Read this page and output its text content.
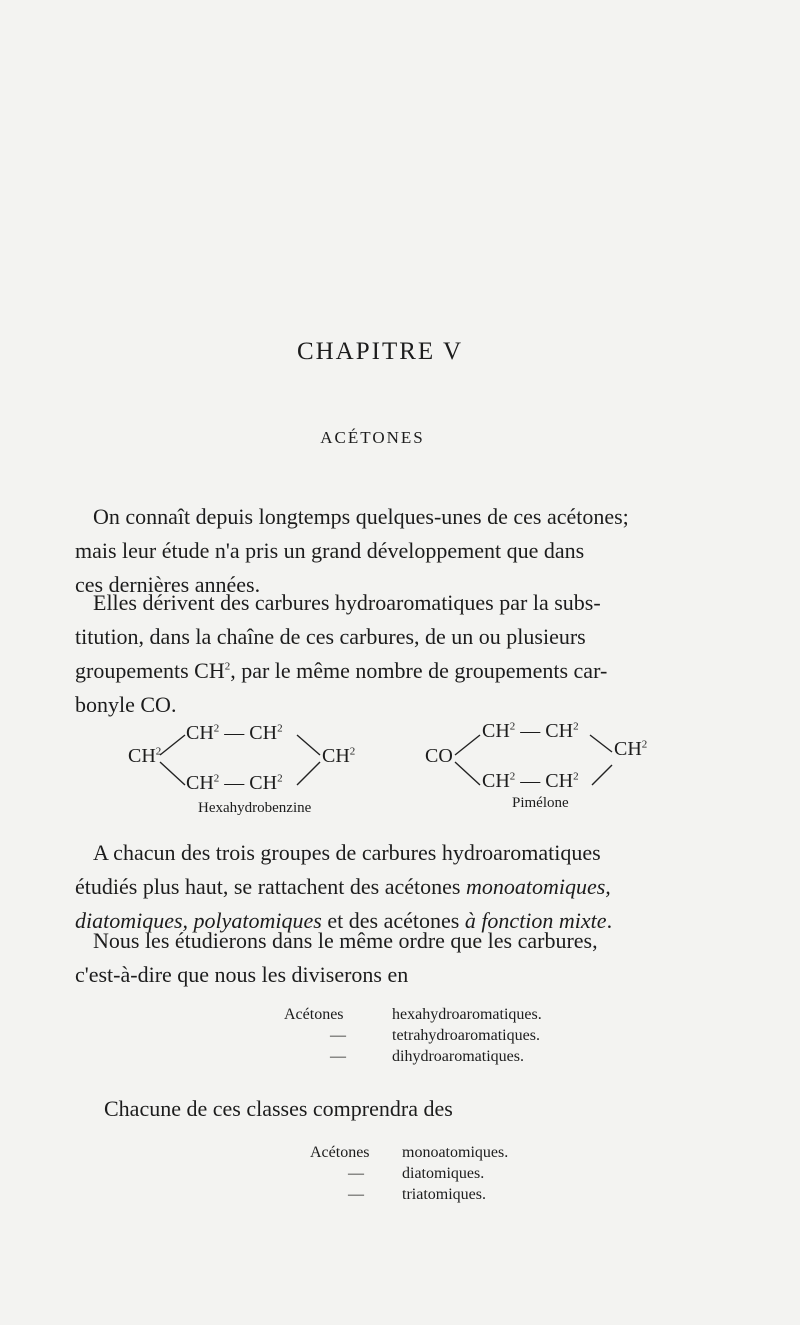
CHAPITRE V
ACÉTONES

On connaît depuis longtemps quelques-unes de ces acétones;

mais leur étude n'a pris un grand développement que dans

ces dernières années.

Elles dérivent des carbures hydroaromatiques par la subs-

titution, dans la chaîne de ces carbures, de un ou plusieurs

groupements $CH^2$, par le même nombre de groupements car-

bonyle CO.

$CH^2$
$CH^2$ — $CH^2$
$CH^2$ — $CH^2$
$CH^2$
Hexahydrobenzine
CO
$CH^2$ — $CH^2$
$CH^2$ — $CH^2$
$CH^2$
Pimélone

A chacun des trois groupes de carbures hydroaromatiques

étudiés plus haut, se rattachent des acétones monoatomiques,

diatomiques, polyatomiques et des acétones à fonction mixte.

Nous les étudierons dans le même ordre que les carbures,

c'est-à-dire que nous les diviserons en

Acétones	hexahydroaromatiques.
—	tetrahydroaromatiques.
—	dihydroaromatiques.
Chacune de ces classes comprendra des
Acétones	monoatomiques.
—	diatomiques.
—	triatomiques.
